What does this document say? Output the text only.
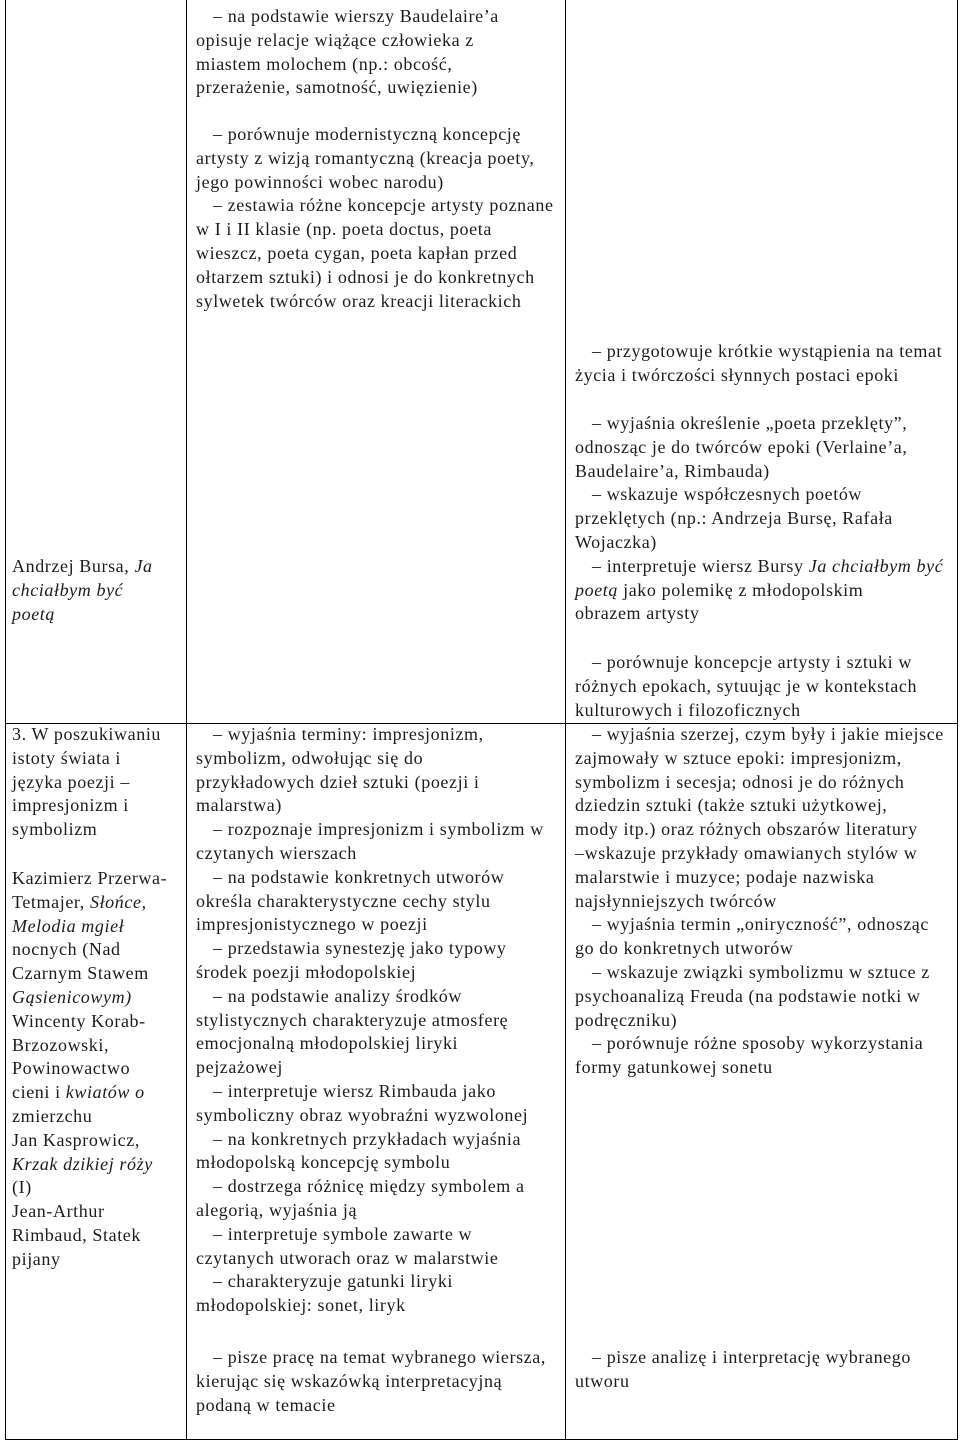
Andrzej Bursa, Ja
chciałbym być
poetą
3. W poszukiwaniu
istoty świata i
języka poezji –
impresjonizm i
symbolizm
Kazimierz Przerwa-
Tetmajer, Słońce,
Melodia mgieł
nocnych (Nad
Czarnym Stawem
Gąsienicowym)
Wincenty Korab-
Brzozowski,
Powinowactwo
cieni i kwiatów o
zmierzchu
Jan Kasprowicz,
Krzak dzikiej róży
(I)
Jean-Arthur
Rimbaud, Statek
pijany
– na podstawie wierszy Baudelaire’a
opisuje relacje wiążące człowieka z
miastem molochem (np.: obcość,
przerażenie, samotność, uwięzienie)
– porównuje modernistyczną koncepcję
artysty z wizją romantyczną (kreacja poety,
jego powinności wobec narodu)
– zestawia różne koncepcje artysty poznane
w I i II klasie (np. poeta doctus, poeta
wieszcz, poeta cygan, poeta kapłan przed
ołtarzem sztuki) i odnosi je do konkretnych
sylwetek twórców oraz kreacji literackich
– wyjaśnia terminy: impresjonizm,
symbolizm, odwołując się do
przykładowych dzieł sztuki (poezji i
malarstwa)
– rozpoznaje impresjonizm i symbolizm w
czytanych wierszach
– na podstawie konkretnych utworów
określa charakterystyczne cechy stylu
impresjonistycznego w poezji
– przedstawia synestezję jako typowy
środek poezji młodopolskiej
– na podstawie analizy środków
stylistycznych charakteryzuje atmosferę
emocjonalną młodopolskiej liryki
pejzażowej
– interpretuje wiersz Rimbauda jako
symboliczny obraz wyobraźni wyzwolonej
– na konkretnych przykładach wyjaśnia
młodopolską koncepcję symbolu
– dostrzega różnicę między symbolem a
alegorią, wyjaśnia ją
– interpretuje symbole zawarte w
czytanych utworach oraz w malarstwie
– charakteryzuje gatunki liryki
młodopolskiej: sonet, liryk
– pisze pracę na temat wybranego wiersza,
kierując się wskazówką interpretacyjną
podaną w temacie
– przygotowuje krótkie wystąpienia na temat
życia i twórczości słynnych postaci epoki
– wyjaśnia określenie „poeta przeklęty”,
odnosząc je do twórców epoki (Verlaine’a,
Baudelaire’a, Rimbauda)
– wskazuje współczesnych poetów
przeklętych (np.: Andrzeja Bursę, Rafała
Wojaczka)
– interpretuje wiersz Bursy Ja chciałbym być
poetą jako polemikę z młodopolskim
obrazem artysty
– porównuje koncepcje artysty i sztuki w
różnych epokach, sytuując je w kontekstach
kulturowych i filozoficznych
– wyjaśnia szerzej, czym były i jakie miejsce
zajmowały w sztuce epoki: impresjonizm,
symbolizm i secesja; odnosi je do różnych
dziedzin sztuki (także sztuki użytkowej,
mody itp.) oraz różnych obszarów literatury
–wskazuje przykłady omawianych stylów w
malarstwie i muzyce; podaje nazwiska
najsłynniejszych twórców
– wyjaśnia termin „oniryczność”, odnosząc
go do konkretnych utworów
– wskazuje związki symbolizmu w sztuce z
psychoanalizą Freuda (na podstawie notki w
podręczniku)
– porównuje różne sposoby wykorzystania
formy gatunkowej sonetu
– pisze analizę i interpretację wybranego
utworu
